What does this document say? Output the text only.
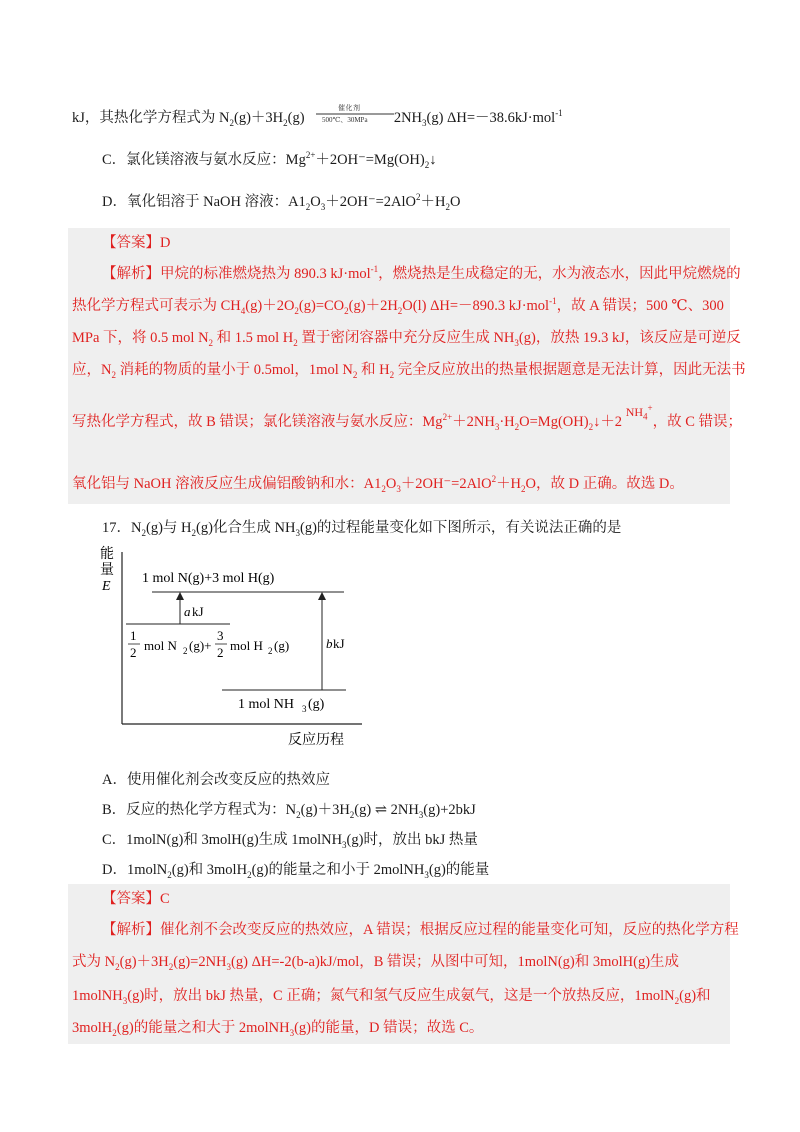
kJ，其热化学方程式为 $N_2(g)+3H_2(g)$	$2NH_3(g)$ ΔH=－38.6kJ·mol$^{-1}$
催化剂
500℃、30MPa
C．氯化镁溶液与氨水反应：$Mg^{2+}+2OH^-=Mg(OH)_2↓$
D．氧化铝溶于 NaOH 溶液：$A1_2O_3+2OH^-=2AlO^2+H_2O$
【答案】D
【解析】甲烷的标准燃烧热为 890.3 kJ·mol$^{-1}$，燃烧热是生成稳定的无，水为液态水，因此甲烷燃烧的
热化学方程式可表示为 $CH_4(g)+2O_2(g)=CO_2(g)+2H_2O(l)$ ΔH=－890.3 kJ·mol$^{-1}$，故 A 错误；500 ℃、300
MPa 下，将 0.5 mol $N_2$ 和 1.5 mol $H_2$ 置于密闭容器中充分反应生成 $NH_3(g)$，放热 19.3 kJ，该反应是可逆反
应，$N_2$ 消耗的物质的量小于 0.5mol，1mol $N_2$ 和 $H_2$ 完全反应放出的热量根据题意是无法计算，因此无法书
写热化学方程式，故 B 错误；氯化镁溶液与氨水反应：$Mg^{2+}+2NH_3\cdot H_2O=Mg(OH)_2↓+2$ $^{NH_4^+}$，故 C 错误；
氧化铝与 NaOH 溶液反应生成偏铝酸钠和水：$A1_2O_3+2OH^-=2AlO^2+H_2O$，故 D 正确。故选 D。
17．$N_2(g)$与 $H_2(g)$化合生成 $NH_3(g)$的过程能量变化如下图所示，有关说法正确的是
能
量
E
反应历程
1 mol N(g)+3 mol H(g)
1
2 mol N 2 (g)+
3
2 mol H 2 (g)
a kJ
1 mol NH 3 (g)
b kJ
A．使用催化剂会改变反应的热效应
B．反应的热化学方程式为：$N_2(g)+3H_2(g)$ ⇌ $2NH_3(g)+2bkJ$
C．1molN(g)和 3molH(g)生成 1molNH$_3$(g)时，放出 bkJ 热量
D．1molN$_2$(g)和 3molH$_2$(g)的能量之和小于 2molNH$_3$(g)的能量
【答案】C
【解析】催化剂不会改变反应的热效应，A 错误；根据反应过程的能量变化可知，反应的热化学方程
式为 $N_2(g)+3H_2(g)=2NH_3(g)$ ΔH=-2(b-a)kJ/mol，B 错误；从图中可知，1molN(g)和 3molH(g)生成
1molNH$_3$(g)时，放出 bkJ 热量，C 正确；氮气和氢气反应生成氨气，这是一个放热反应，1molN$_2$(g)和
3molH$_2$(g)的能量之和大于 2molNH$_3$(g)的能量，D 错误；故选 C。
